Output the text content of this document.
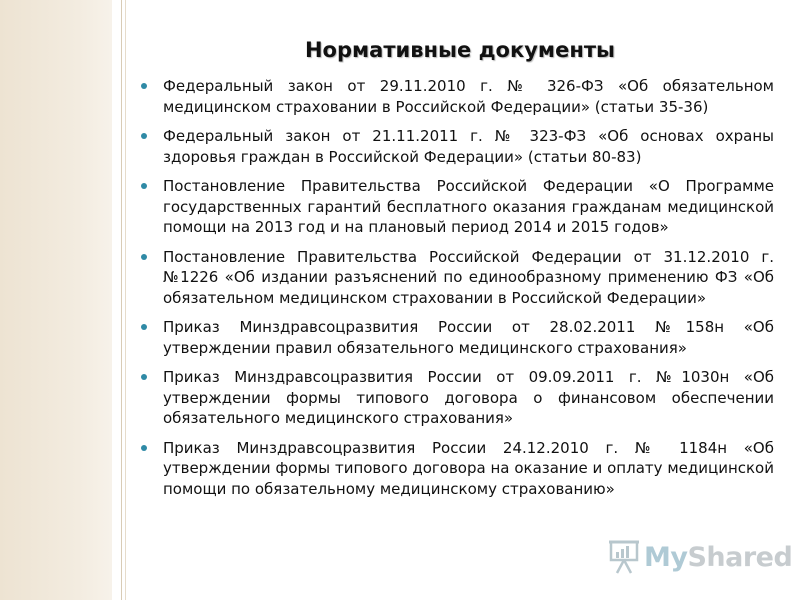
Нормативные документы
Федеральный закон от 29.11.2010 г. № 326-ФЗ «Об обязательном медицинском страховании в Российской Федерации» (статьи 35-36)
Федеральный закон от 21.11.2011 г. № 323-ФЗ «Об основах охраны здоровья граждан в Российской Федерации» (статьи 80-83)
Постановление Правительства Российской Федерации «О Программе государственных гарантий бесплатного оказания гражданам медицинской помощи на 2013 год и на плановый период 2014 и 2015 годов»
Постановление Правительства Российской Федерации от 31.12.2010 г. №1226 «Об издании разъяснений по единообразному применению ФЗ «Об обязательном медицинском страховании в Российской Федерации»
Приказ Минздравсоцразвития России от 28.02.2011 №158н «Об утверждении правил обязательного медицинского страхования»
Приказ Минздравсоцразвития России от 09.09.2011 г. №1030н «Об утверждении формы типового договора о финансовом обеспечении обязательного медицинского страхования»
Приказ Минздравсоцразвития России 24.12.2010 г. № 1184н «Об утверждении формы типового договора на оказание и оплату медицинской помощи по обязательному медицинскому страхованию»
MyShared
